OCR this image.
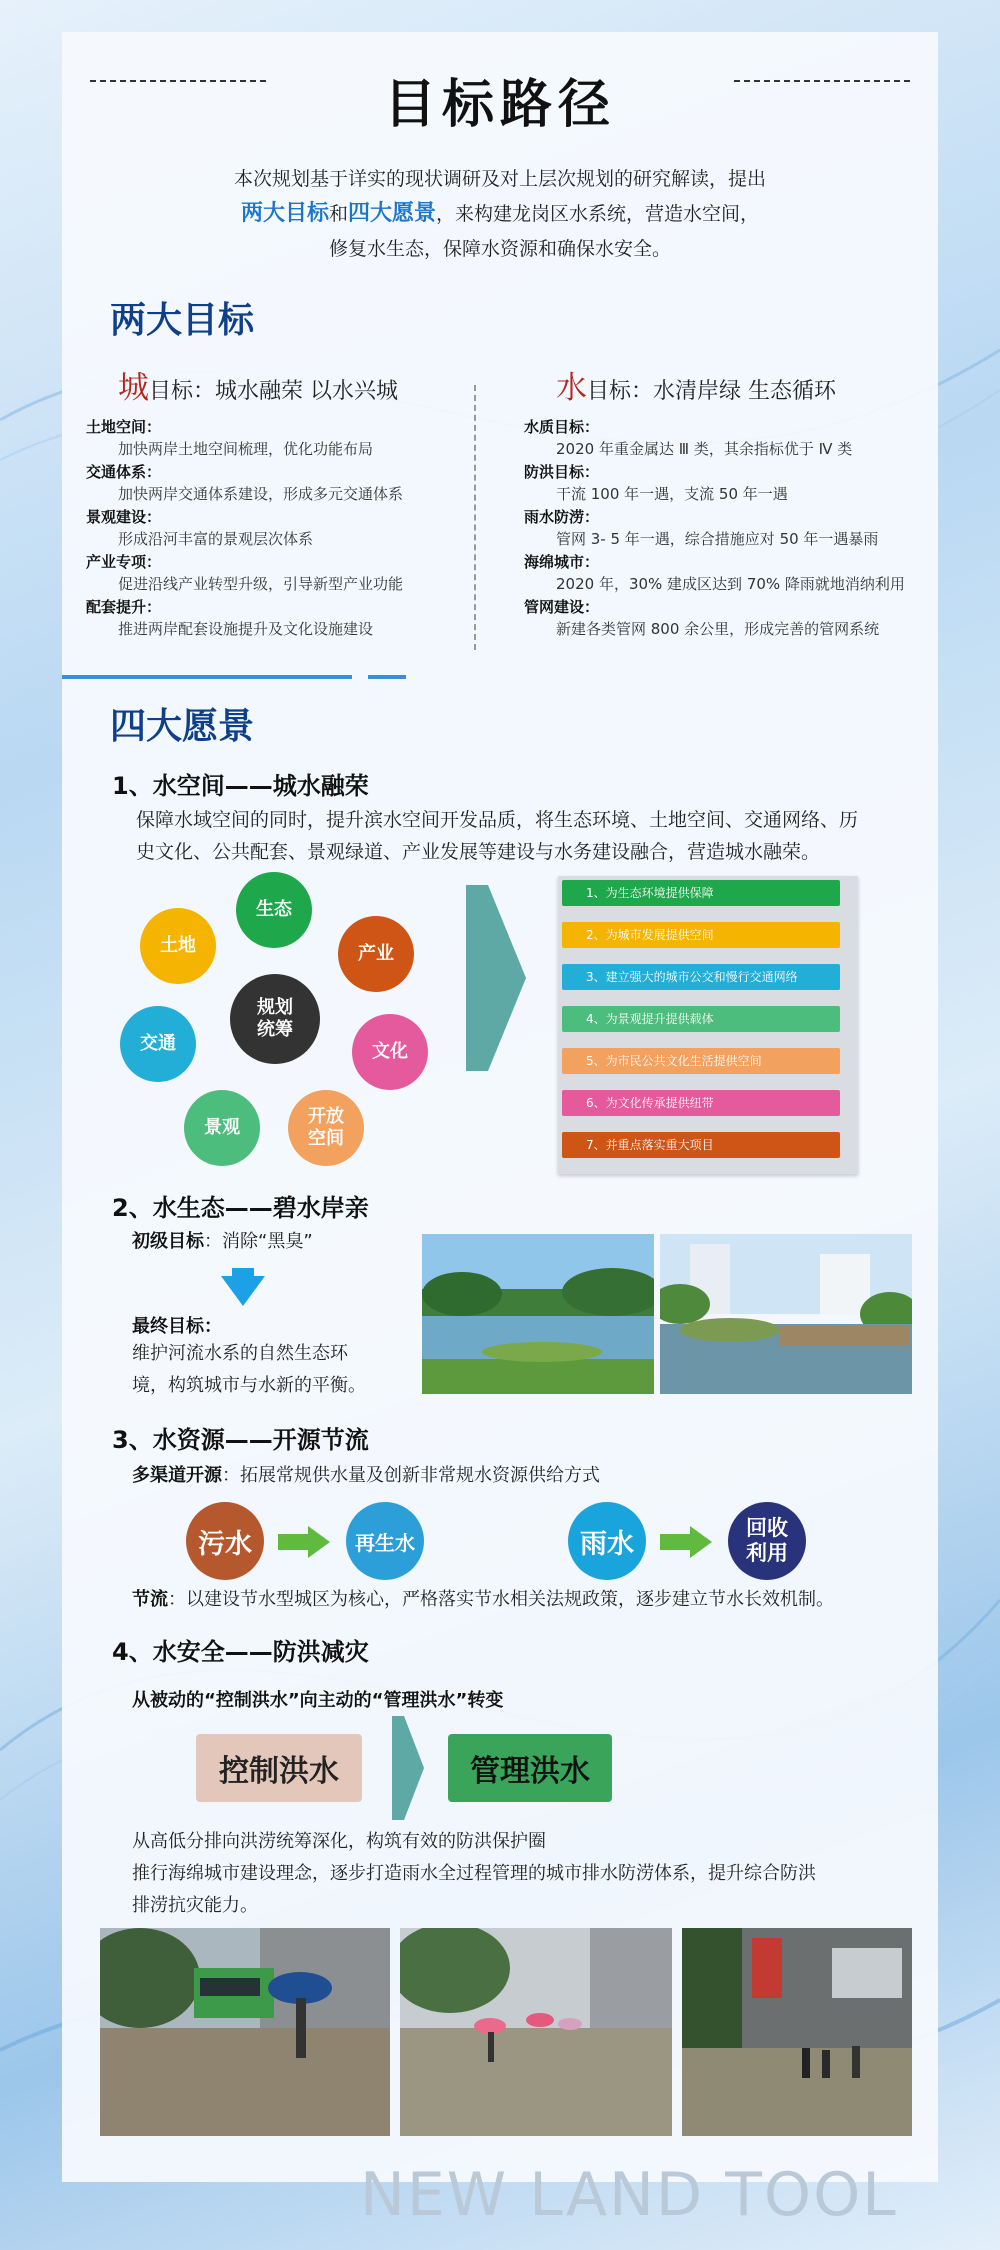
目标路径
本次规划基于详实的现状调研及对上层次规划的研究解读，提出
两大目标和四大愿景，来构建龙岗区水系统，营造水空间，
修复水生态，保障水资源和确保水安全。
两大目标
城目标：城水融荣 以水兴城	水目标：水清岸绿 生态循环
土地空间：
加快两岸土地空间梳理，优化功能布局
交通体系：
加快两岸交通体系建设，形成多元交通体系
景观建设：
形成沿河丰富的景观层次体系
产业专项：
促进沿线产业转型升级，引导新型产业功能
配套提升：
推进两岸配套设施提升及文化设施建设
水质目标：
2020 年重金属达 Ⅲ 类，其余指标优于 Ⅳ 类
防洪目标：
干流 100 年一遇，支流 50 年一遇
雨水防涝：
管网 3- 5 年一遇，综合措施应对 50 年一遇暴雨
海绵城市：
2020 年，30% 建成区达到 70% 降雨就地消纳利用
管网建设：
新建各类管网 800 余公里，形成完善的管网系统
四大愿景
1、水空间——城水融荣
保障水域空间的同时，提升滨水空间开发品质，将生态环境、土地空间、交通网络、历
史文化、公共配套、景观绿道、产业发展等建设与水务建设融合，营造城水融荣。
规划
统筹
生态
产业
文化
开放
空间
景观
交通
土地
1、为生态环境提供保障
2、为城市发展提供空间
3、建立强大的城市公交和慢行交通网络
4、为景观提升提供载体
5、为市民公共文化生活提供空间
6、为文化传承提供纽带
7、并重点落实重大项目
2、水生态——碧水岸亲
初级目标：消除“黑臭”
最终目标：
维护河流水系的自然生态环
境，构筑城市与水新的平衡。
3、水资源——开源节流
多渠道开源：拓展常规供水量及创新非常规水资源供给方式
污水	再生水	雨水
回收
利用
节流：以建设节水型城区为核心，严格落实节水相关法规政策，逐步建立节水长效机制。
4、水安全——防洪减灾
从被动的“控制洪水”向主动的“管理洪水”转变
控制洪水	管理洪水
从高低分排向洪涝统筹深化，构筑有效的防洪保护圈
推行海绵城市建设理念，逐步打造雨水全过程管理的城市排水防涝体系，提升综合防洪
排涝抗灾能力。
NEW LAND TOOL
